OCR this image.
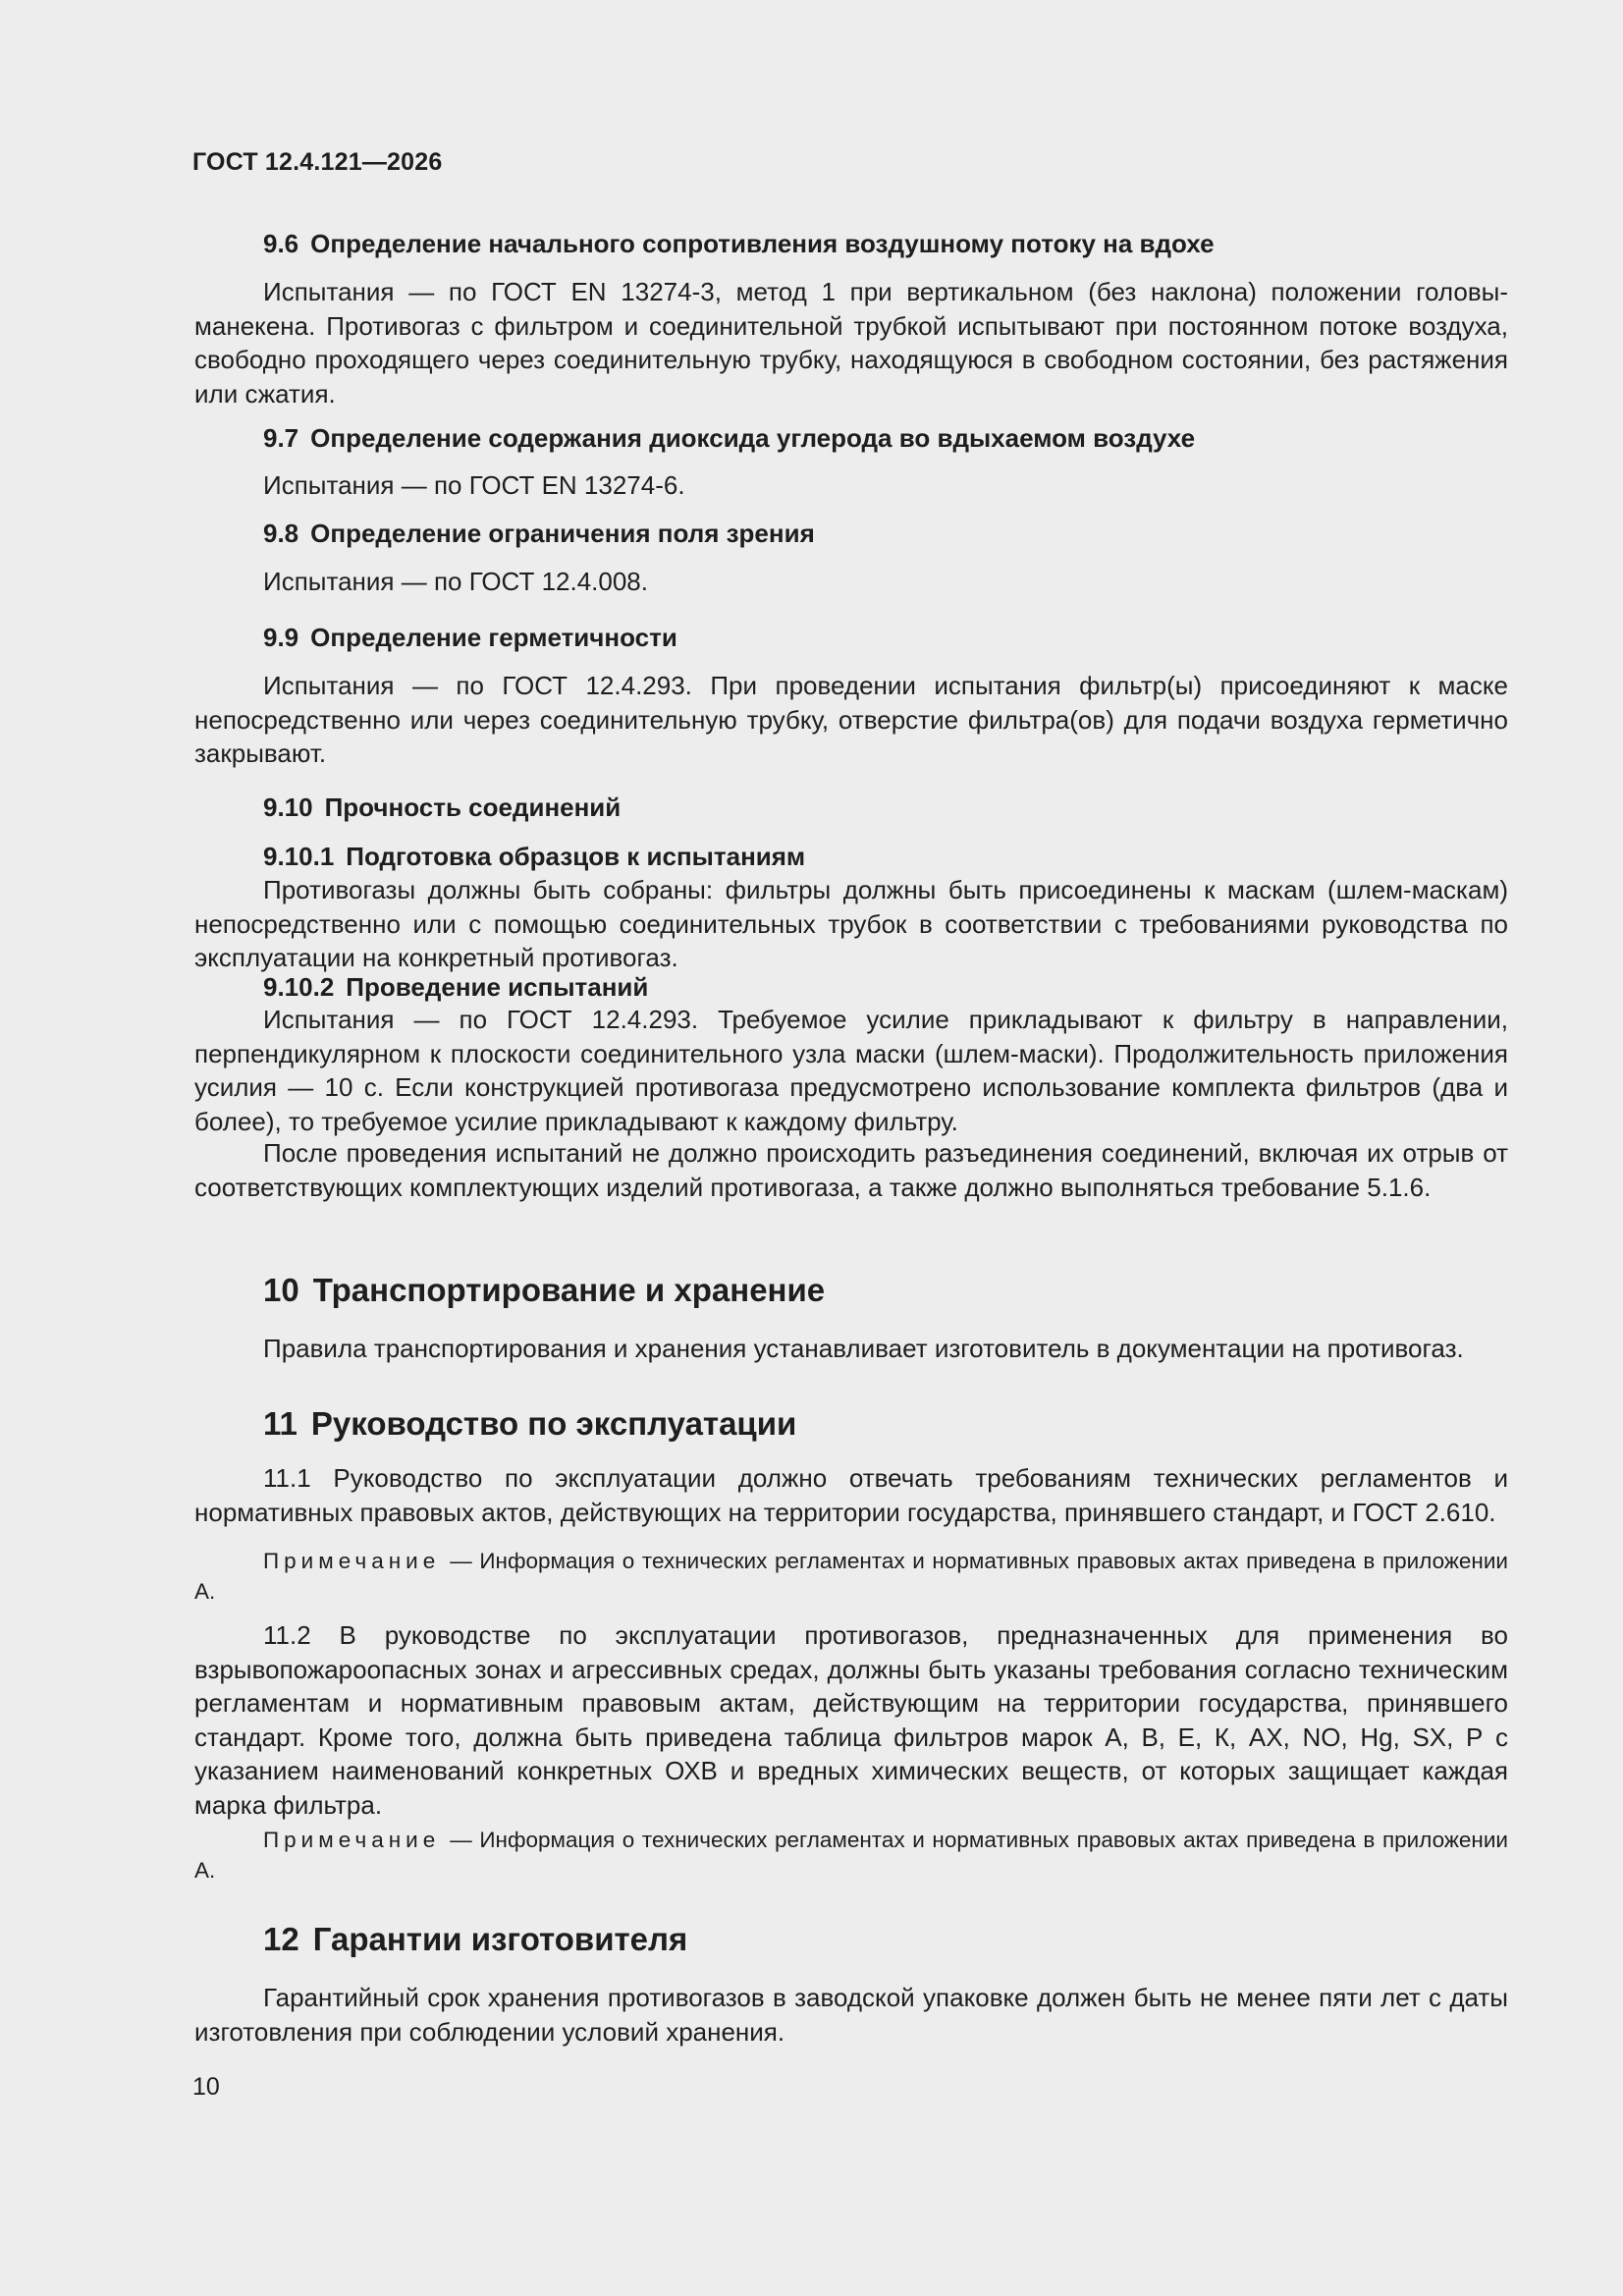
ГОСТ 12.4.121—2026
9.6 Определение начального сопротивления воздушному потоку на вдохе

Испытания — по ГОСТ EN 13274-3, метод 1 при вертикальном (без наклона) положении головы-манекена. Противогаз с фильтром и соединительной трубкой испытывают при постоянном потоке воздуха, свободно проходящего через соединительную трубку, находящуюся в свободном состоянии, без растяжения или сжатия.

9.7 Определение содержания диоксида углерода во вдыхаемом воздухе

Испытания — по ГОСТ EN 13274-6.

9.8 Определение ограничения поля зрения

Испытания — по ГОСТ 12.4.008.

9.9 Определение герметичности

Испытания — по ГОСТ 12.4.293. При проведении испытания фильтр(ы) присоединяют к маске непосредственно или через соединительную трубку, отверстие фильтра(ов) для подачи воздуха герметично закрывают.

9.10 Прочность соединений
9.10.1 Подготовка образцов к испытаниям

Противогазы должны быть собраны: фильтры должны быть присоединены к маскам (шлем-маскам) непосредственно или с помощью соединительных трубок в соответствии с требованиями руководства по эксплуатации на конкретный противогаз.

9.10.2 Проведение испытаний

Испытания — по ГОСТ 12.4.293. Требуемое усилие прикладывают к фильтру в направлении, перпендикулярном к плоскости соединительного узла маски (шлем-маски). Продолжительность приложения усилия — 10 с. Если конструкцией противогаза предусмотрено использование комплекта фильтров (два и более), то требуемое усилие прикладывают к каждому фильтру.

После проведения испытаний не должно происходить разъединения соединений, включая их отрыв от соответствующих комплектующих изделий противогаза, а также должно выполняться требование 5.1.6.

10 Транспортирование и хранение

Правила транспортирования и хранения устанавливает изготовитель в документации на противогаз.

11 Руководство по эксплуатации

11.1 Руководство по эксплуатации должно отвечать требованиям технических регламентов и нормативных правовых актов, действующих на территории государства, принявшего стандарт, и ГОСТ 2.610.

Примечание — Информация о технических регламентах и нормативных правовых актах приведена в приложении А.

11.2 В руководстве по эксплуатации противогазов, предназначенных для применения во взрывопожароопасных зонах и агрессивных средах, должны быть указаны требования согласно техническим регламентам и нормативным правовым актам, действующим на территории государства, принявшего стандарт. Кроме того, должна быть приведена таблица фильтров марок А, В, Е, К, АХ, NO, Hg, SX, Р с указанием наименований конкретных ОХВ и вредных химических веществ, от которых защищает каждая марка фильтра.

Примечание — Информация о технических регламентах и нормативных правовых актах приведена в приложении А.

12 Гарантии изготовителя

Гарантийный срок хранения противогазов в заводской упаковке должен быть не менее пяти лет с даты изготовления при соблюдении условий хранения.

10
